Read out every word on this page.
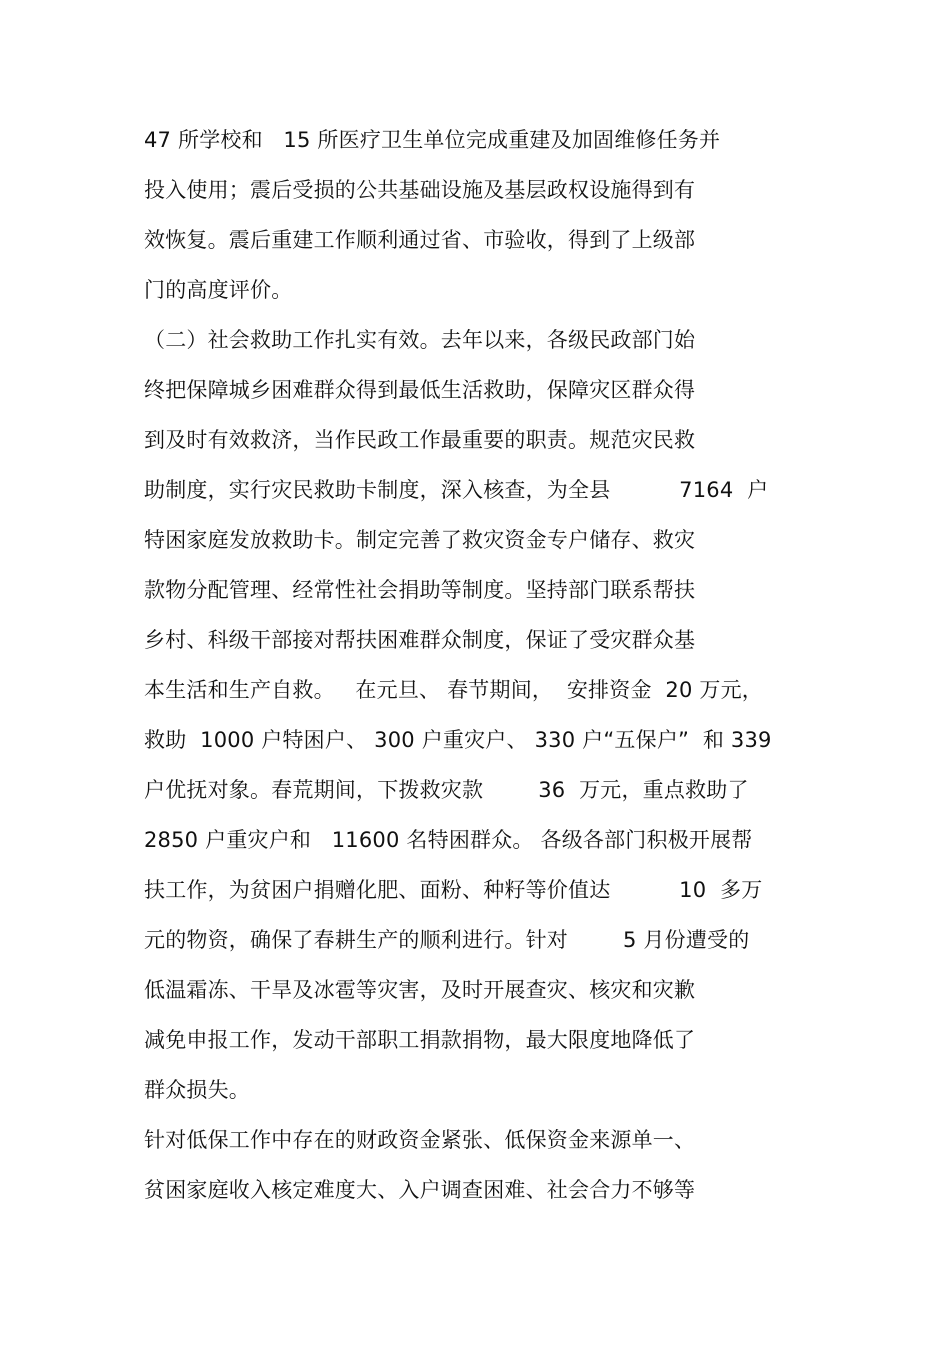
47 所学校和   15 所医疗卫生单位完成重建及加固维修任务并
投入使用；震后受损的公共基础设施及基层政权设施得到有
效恢复。震后重建工作顺利通过省、市验收，得到了上级部
门的高度评价。
（二）社会救助工作扎实有效。去年以来，各级民政部门始
终把保障城乡困难群众得到最低生活救助，保障灾区群众得
到及时有效救济，当作民政工作最重要的职责。规范灾民救
助制度，实行灾民救助卡制度，深入核查，为全县          7164  户
特困家庭发放救助卡。制定完善了救灾资金专户储存、救灾
款物分配管理、经常性社会捐助等制度。坚持部门联系帮扶
乡村、科级干部接对帮扶困难群众制度，保证了受灾群众基
本生活和生产自救。   在元旦、 春节期间，  安排资金  20 万元，
救助  1000 户特困户、 300 户重灾户、 330 户“五保户”  和 339
户优抚对象。春荒期间，下拨救灾款        36  万元，重点救助了
2850 户重灾户和   11600 名特困群众。 各级各部门积极开展帮
扶工作，为贫困户捐赠化肥、面粉、种籽等价值达          10  多万
元的物资，确保了春耕生产的顺利进行。针对        5 月份遭受的
低温霜冻、干旱及冰雹等灾害，及时开展查灾、核灾和灾歉
减免申报工作，发动干部职工捐款捐物，最大限度地降低了
群众损失。
针对低保工作中存在的财政资金紧张、低保资金来源单一、
贫困家庭收入核定难度大、入户调查困难、社会合力不够等
